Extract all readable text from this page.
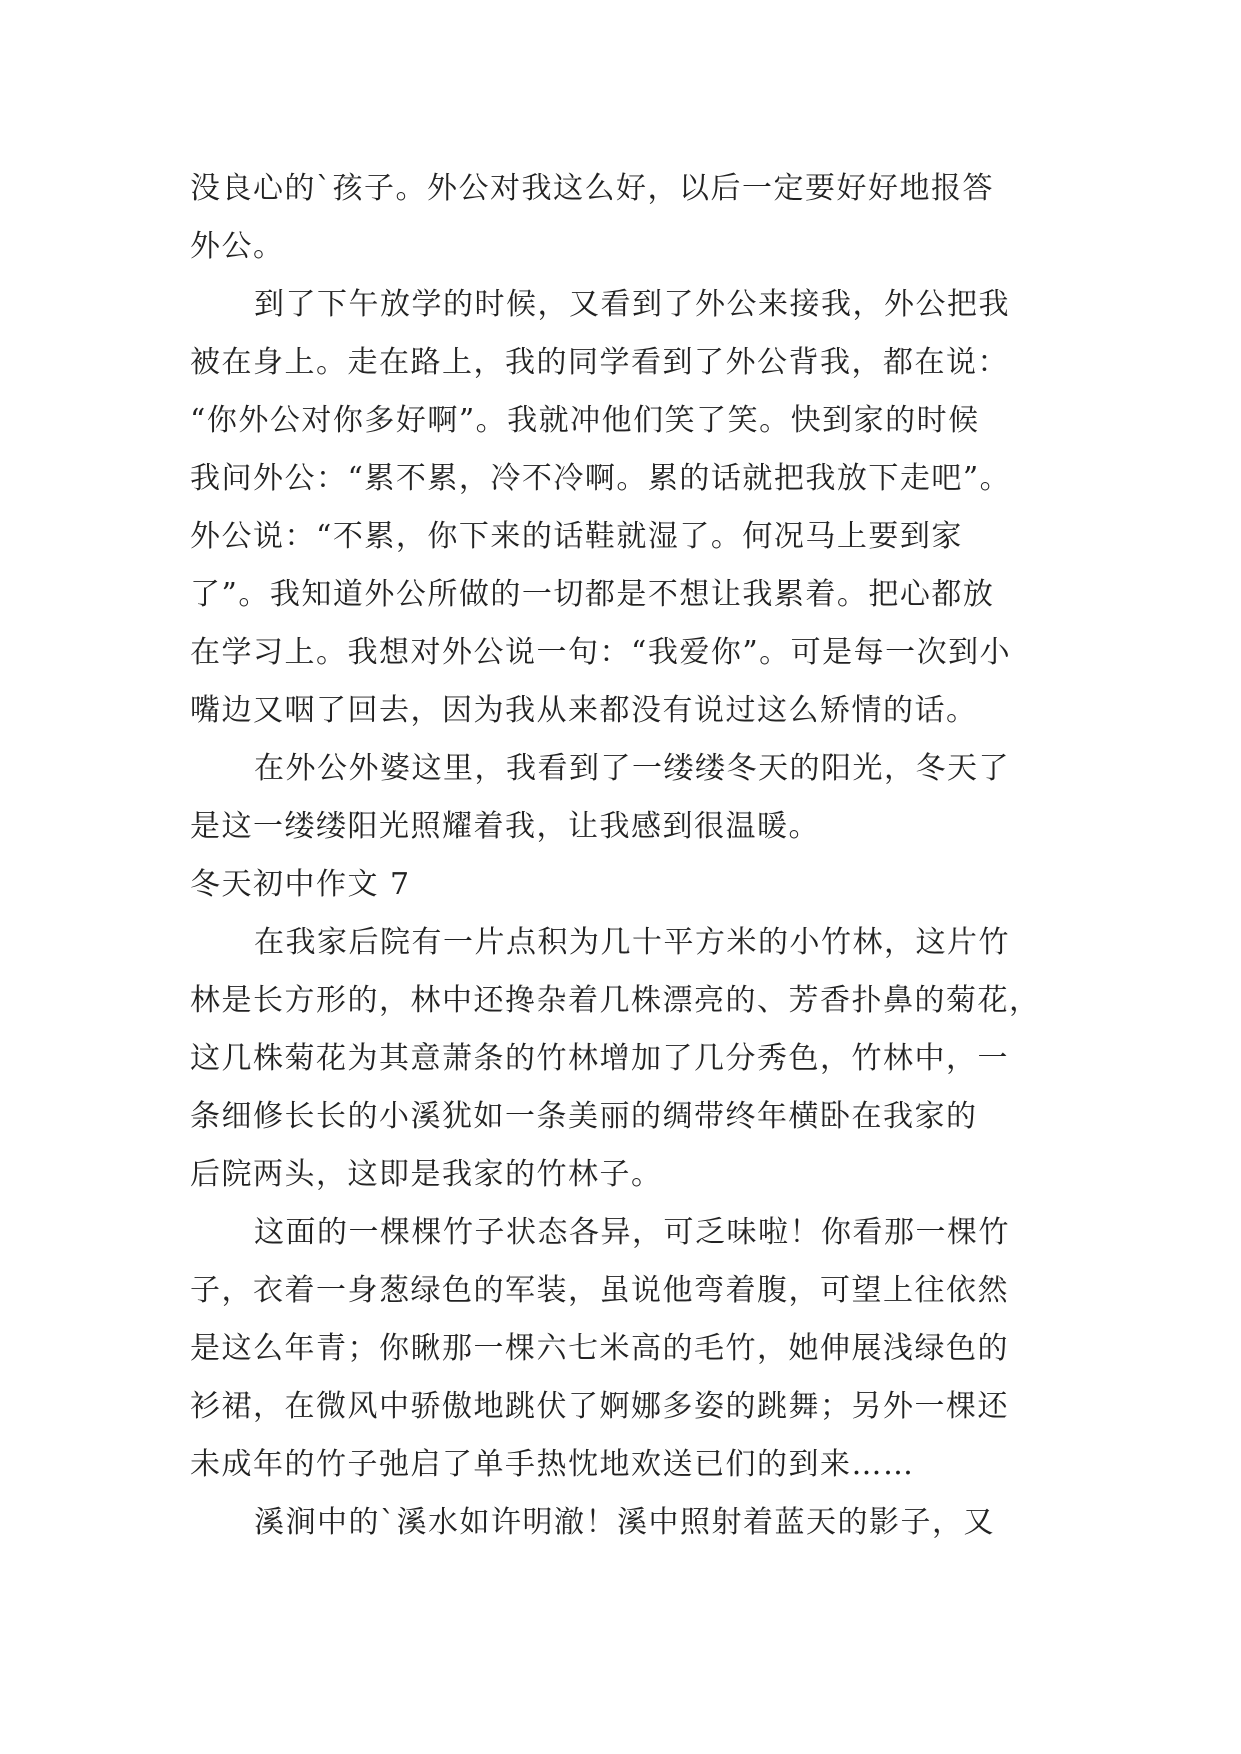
没良心的`孩子。外公对我这么好，以后一定要好好地报答
外公。
到了下午放学的时候，又看到了外公来接我，外公把我
被在身上。走在路上，我的同学看到了外公背我，都在说：
“你外公对你多好啊”。我就冲他们笑了笑。快到家的时候
我问外公：“累不累，冷不冷啊。累的话就把我放下走吧”。
外公说：“不累，你下来的话鞋就湿了。何况马上要到家
了”。我知道外公所做的一切都是不想让我累着。把心都放
在学习上。我想对外公说一句：“我爱你”。可是每一次到小
嘴边又咽了回去，因为我从来都没有说过这么矫情的话。
在外公外婆这里，我看到了一缕缕冬天的阳光，冬天了
是这一缕缕阳光照耀着我，让我感到很温暖。
冬天初中作文 7
在我家后院有一片点积为几十平方米的小竹林，这片竹
林是长方形的，林中还搀杂着几株漂亮的、芳香扑鼻的菊花，
这几株菊花为其意萧条的竹林增加了几分秀色，竹林中，一
条细修长长的小溪犹如一条美丽的绸带终年横卧在我家的
后院两头，这即是我家的竹林子。
这面的一棵棵竹子状态各异，可乏味啦！你看那一棵竹
子，衣着一身葱绿色的军装，虽说他弯着腹，可望上往依然
是这么年青；你瞅那一棵六七米高的毛竹，她伸展浅绿色的
衫裙，在微风中骄傲地跳伏了婀娜多姿的跳舞；另外一棵还
未成年的竹子弛启了单手热忱地欢送已们的到来……
溪涧中的`溪水如许明澈！溪中照射着蓝天的影子，又
